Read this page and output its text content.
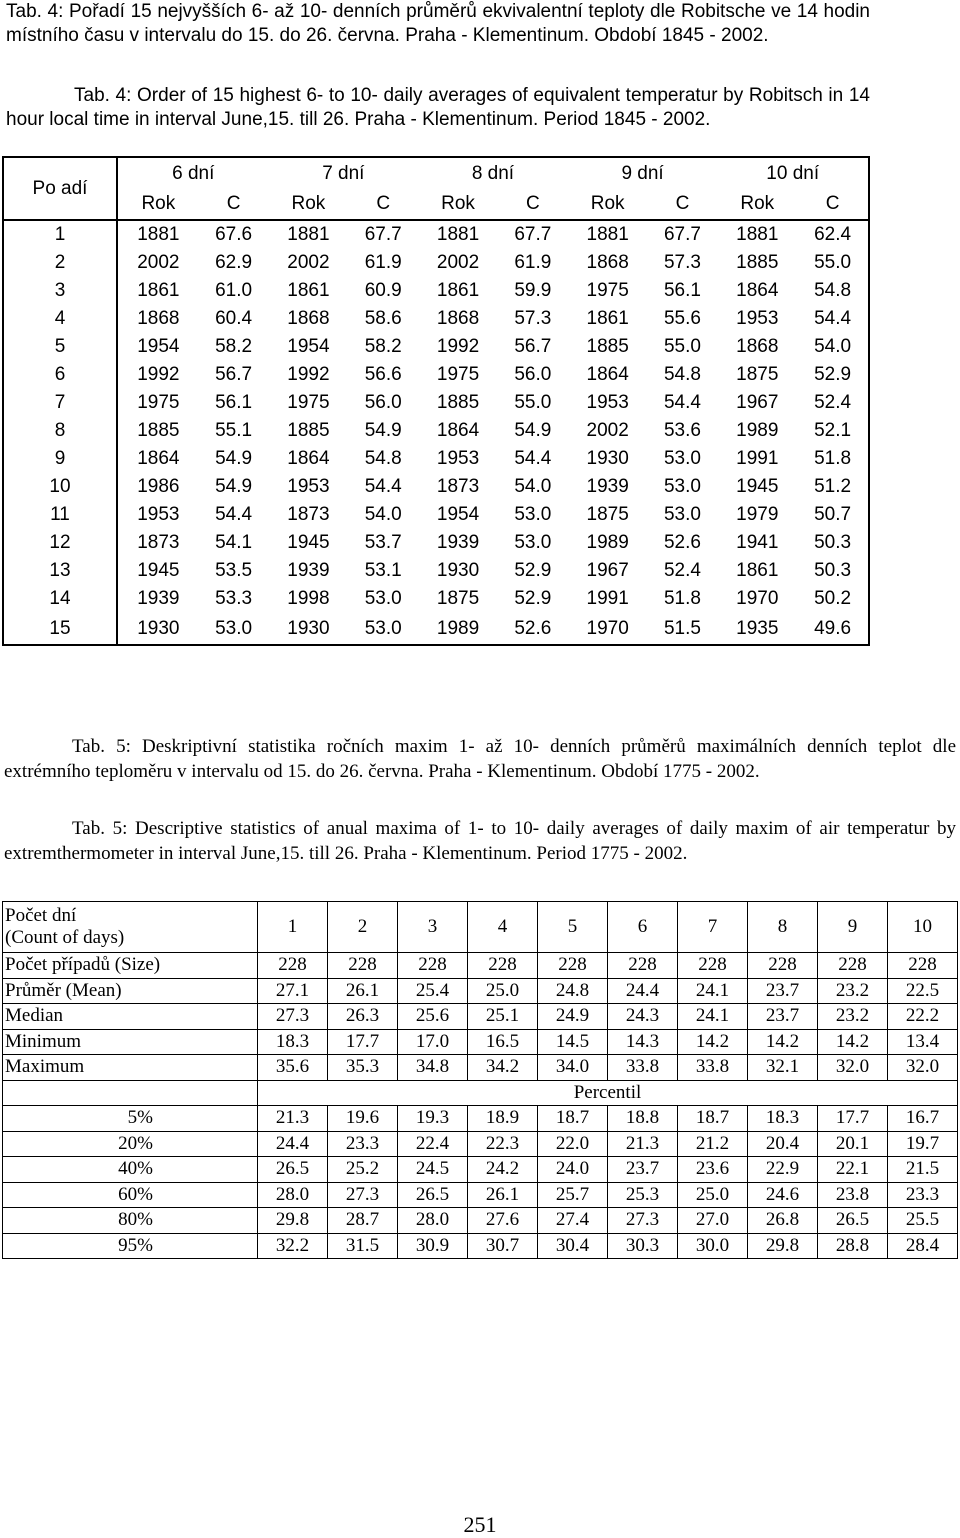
Tab. 4: Pořadí 15 nejvyšších 6- až 10- denních průměrů ekvivalentní teploty dle Robitsche ve 14 hodin místního času v intervalu do 15. do 26. června. Praha - Klementinum. Období 1845 - 2002.

Tab. 4: Order of 15 highest 6- to 10- daily averages of equivalent temperatur by Robitsch in 14 hour local time in interval June,15. till 26. Praha - Klementinum. Period 1845 - 2002.

Po adí	6 dní		7 dní		8 dní		9 dní		10 dní	
	Rok	C	Rok	C	Rok	C	Rok	C	Rok	C
1	1881	67.6	1881	67.7	1881	67.7	1881	67.7	1881	62.4
2	2002	62.9	2002	61.9	2002	61.9	1868	57.3	1885	55.0
3	1861	61.0	1861	60.9	1861	59.9	1975	56.1	1864	54.8
4	1868	60.4	1868	58.6	1868	57.3	1861	55.6	1953	54.4
5	1954	58.2	1954	58.2	1992	56.7	1885	55.0	1868	54.0
6	1992	56.7	1992	56.6	1975	56.0	1864	54.8	1875	52.9
7	1975	56.1	1975	56.0	1885	55.0	1953	54.4	1967	52.4
8	1885	55.1	1885	54.9	1864	54.9	2002	53.6	1989	52.1
9	1864	54.9	1864	54.8	1953	54.4	1930	53.0	1991	51.8
10	1986	54.9	1953	54.4	1873	54.0	1939	53.0	1945	51.2
11	1953	54.4	1873	54.0	1954	53.0	1875	53.0	1979	50.7
12	1873	54.1	1945	53.7	1939	53.0	1989	52.6	1941	50.3
13	1945	53.5	1939	53.1	1930	52.9	1967	52.4	1861	50.3
14	1939	53.3	1998	53.0	1875	52.9	1991	51.8	1970	50.2
15	1930	53.0	1930	53.0	1989	52.6	1970	51.5	1935	49.6

Tab. 5: Deskriptivní statistika ročních maxim 1- až 10- denních průměrů maximálních denních teplot dle extrémního teploměru v intervalu od 15. do 26. června. Praha - Klementinum. Období 1775 - 2002.

Tab. 5: Descriptive statistics of anual maxima of 1- to 10- daily averages of daily maxim of air temperatur by extremthermometer in interval June,15. till 26. Praha - Klementinum. Period 1775 - 2002.

Počet dní
(Count of days)	1	2	3	4	5	6	7	8	9	10
Počet případů (Size)	228	228	228	228	228	228	228	228	228	228
Průměr (Mean)	27.1	26.1	25.4	25.0	24.8	24.4	24.1	23.7	23.2	22.5
Median	27.3	26.3	25.6	25.1	24.9	24.3	24.1	23.7	23.2	22.2
Minimum	18.3	17.7	17.0	16.5	14.5	14.3	14.2	14.2	14.2	13.4
Maximum	35.6	35.3	34.8	34.2	34.0	33.8	33.8	32.1	32.0	32.0
	Percentil									
5%	21.3	19.6	19.3	18.9	18.7	18.8	18.7	18.3	17.7	16.7
20%	24.4	23.3	22.4	22.3	22.0	21.3	21.2	20.4	20.1	19.7
40%	26.5	25.2	24.5	24.2	24.0	23.7	23.6	22.9	22.1	21.5
60%	28.0	27.3	26.5	26.1	25.7	25.3	25.0	24.6	23.8	23.3
80%	29.8	28.7	28.0	27.6	27.4	27.3	27.0	26.8	26.5	25.5
95%	32.2	31.5	30.9	30.7	30.4	30.3	30.0	29.8	28.8	28.4
251
